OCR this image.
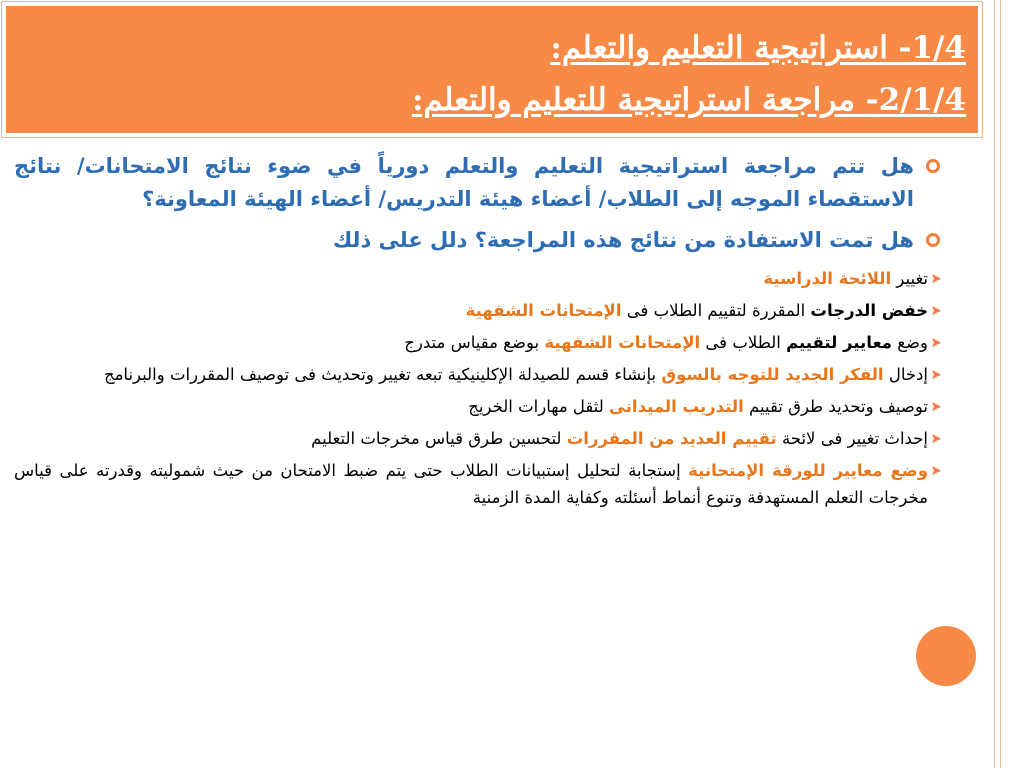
1/4- استراتيجية التعليم والتعلم:
2/1/4- مراجعة استراتيجية للتعليم والتعلم:
هل تتم مراجعة استراتيجية التعليم والتعلم دورياً في ضوء نتائج الامتحانات/ نتائج الاستقصاء الموجه إلى الطلاب/ أعضاء هيئة التدريس/ أعضاء الهيئة المعاونة؟
هل تمت الاستفادة من نتائج هذه المراجعة؟ دلل على ذلك
➤
تغيير اللائحة الدراسية
➤
خفض الدرجات المقررة لتقييم الطلاب فى الإمتحانات الشفهية
➤
وضع معايير لتقييم الطلاب فى الإمتحانات الشفهية بوضع مقياس متدرج
➤
إدخال الفكر الجديد للتوجه بالسوق بإنشاء قسم للصيدلة الإكلينيكية تبعه تغيير وتحديث فى توصيف المقررات والبرنامج
➤
توصيف وتحديد طرق تقييم التدريب الميدانى لثقل مهارات الخريج
➤
إحداث تغيير فى لائحة تقييم العديد من المقررات لتحسين طرق قياس مخرجات التعليم
➤
وضع معايير للورقة الإمتحانية إستجابة لتحليل إستبيانات الطلاب حتى يتم ضبط الامتحان من حيث شموليته وقدرته على قياس مخرجات التعلم المستهدفة وتنوع أنماط أسئلته وكفاية المدة الزمنية
